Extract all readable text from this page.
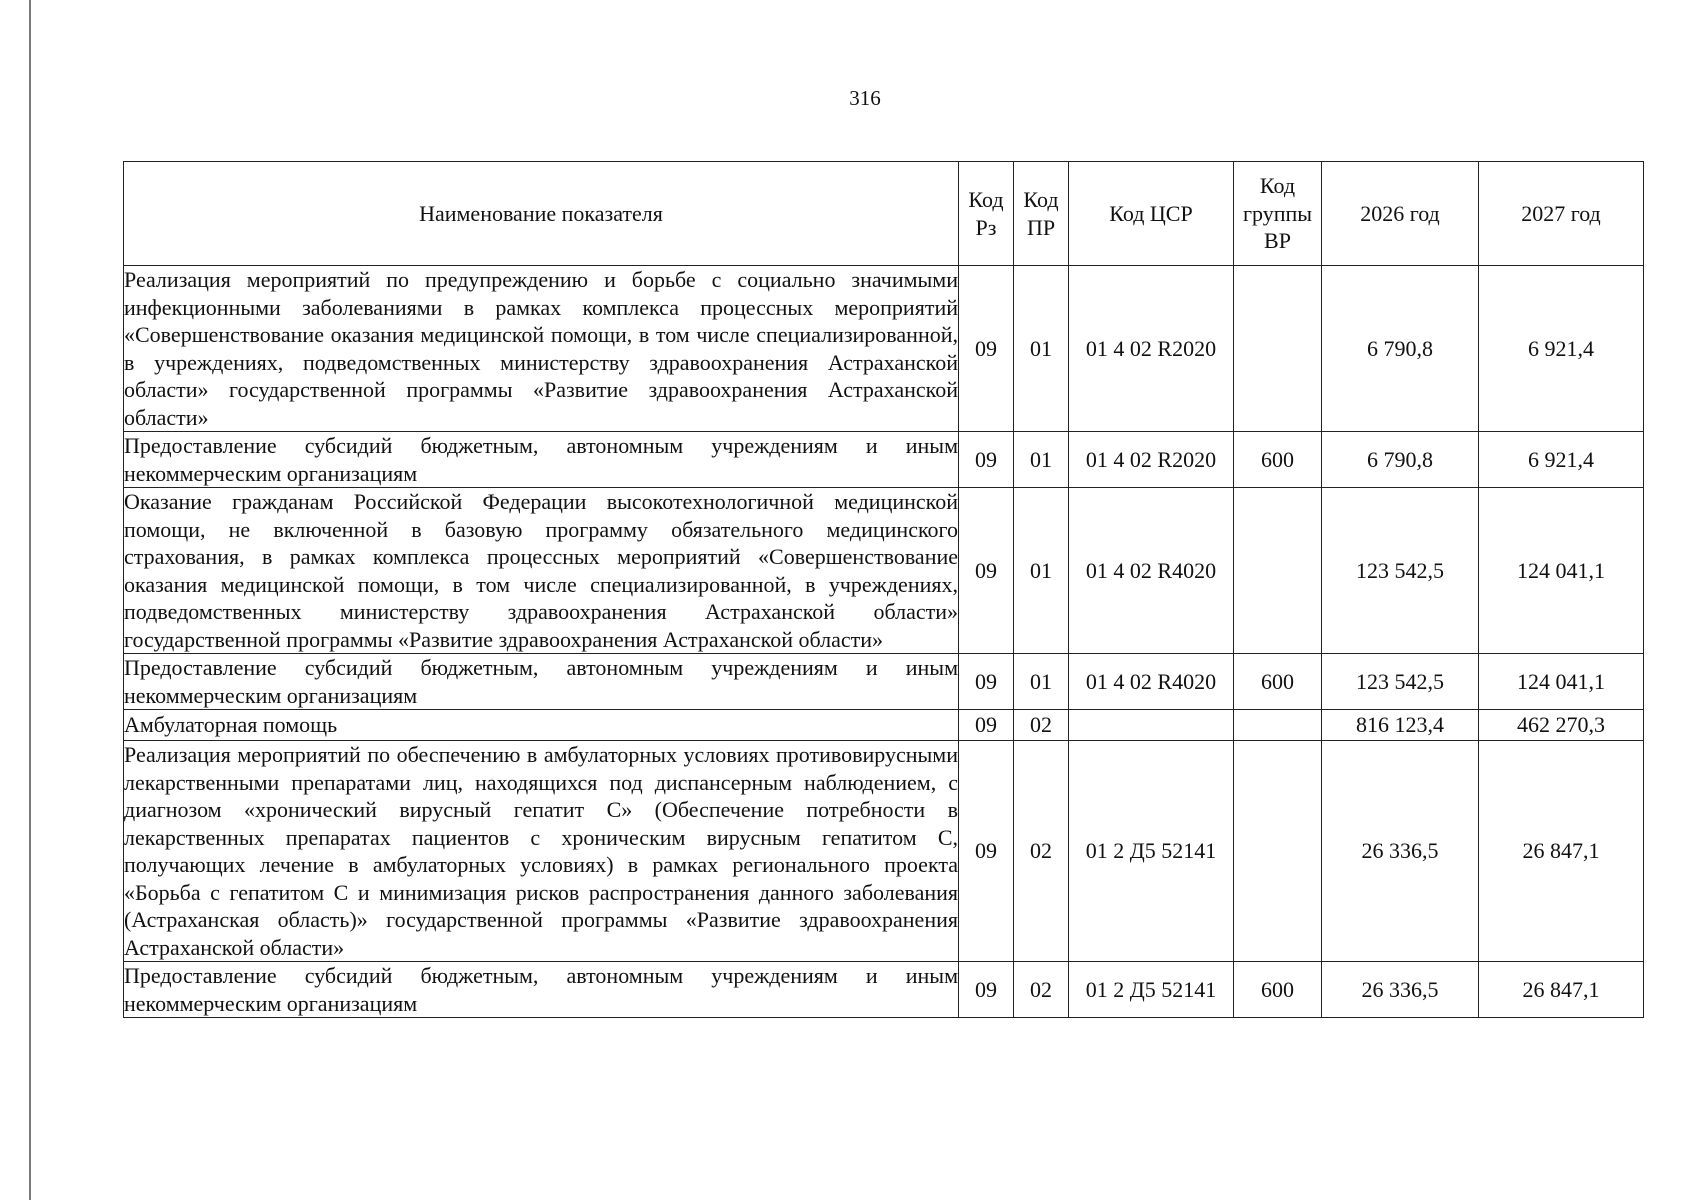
316
Наименование показателя	Код Рз	Код ПР	Код ЦСР	Код группы ВР	2026 год	2027 год
Реализация мероприятий по предупреждению и борьбе с социально значимыми инфекционными заболеваниями в рамках комплекса процессных мероприятий «Совершенствование оказания медицинской помощи, в том числе специализированной, в учреждениях, подведомственных министерству здравоохранения Астраханской области» государственной программы «Развитие здравоохранения Астраханской области»	09	01	01 4 02 R2020		6 790,8	6 921,4
Предоставление субсидий бюджетным, автономным учреждениям и иным некоммерческим организациям	09	01	01 4 02 R2020	600	6 790,8	6 921,4
Оказание гражданам Российской Федерации высокотехнологичной медицинской помощи, не включенной в базовую программу обязательного медицинского страхования, в рамках комплекса процессных мероприятий «Совершенствование оказания медицинской помощи, в том числе специализированной, в учреждениях, подведомственных министерству здравоохранения Астраханской области» государственной программы «Развитие здравоохранения Астраханской области»	09	01	01 4 02 R4020		123 542,5	124 041,1
Предоставление субсидий бюджетным, автономным учреждениям и иным некоммерческим организациям	09	01	01 4 02 R4020	600	123 542,5	124 041,1
Амбулаторная помощь	09	02			816 123,4	462 270,3
Реализация мероприятий по обеспечению в амбулаторных условиях противовирусными лекарственными препаратами лиц, находящихся под диспансерным наблюдением, с диагнозом «хронический вирусный гепатит С» (Обеспечение потребности в лекарственных препаратах пациентов с хроническим вирусным гепатитом С, получающих лечение в амбулаторных условиях) в рамках регионального проекта «Борьба с гепатитом С и минимизация рисков распространения данного заболевания (Астраханская область)» государственной программы «Развитие здравоохранения Астраханской области»	09	02	01 2 Д5 52141		26 336,5	26 847,1
Предоставление субсидий бюджетным, автономным учреждениям и иным некоммерческим организациям	09	02	01 2 Д5 52141	600	26 336,5	26 847,1
